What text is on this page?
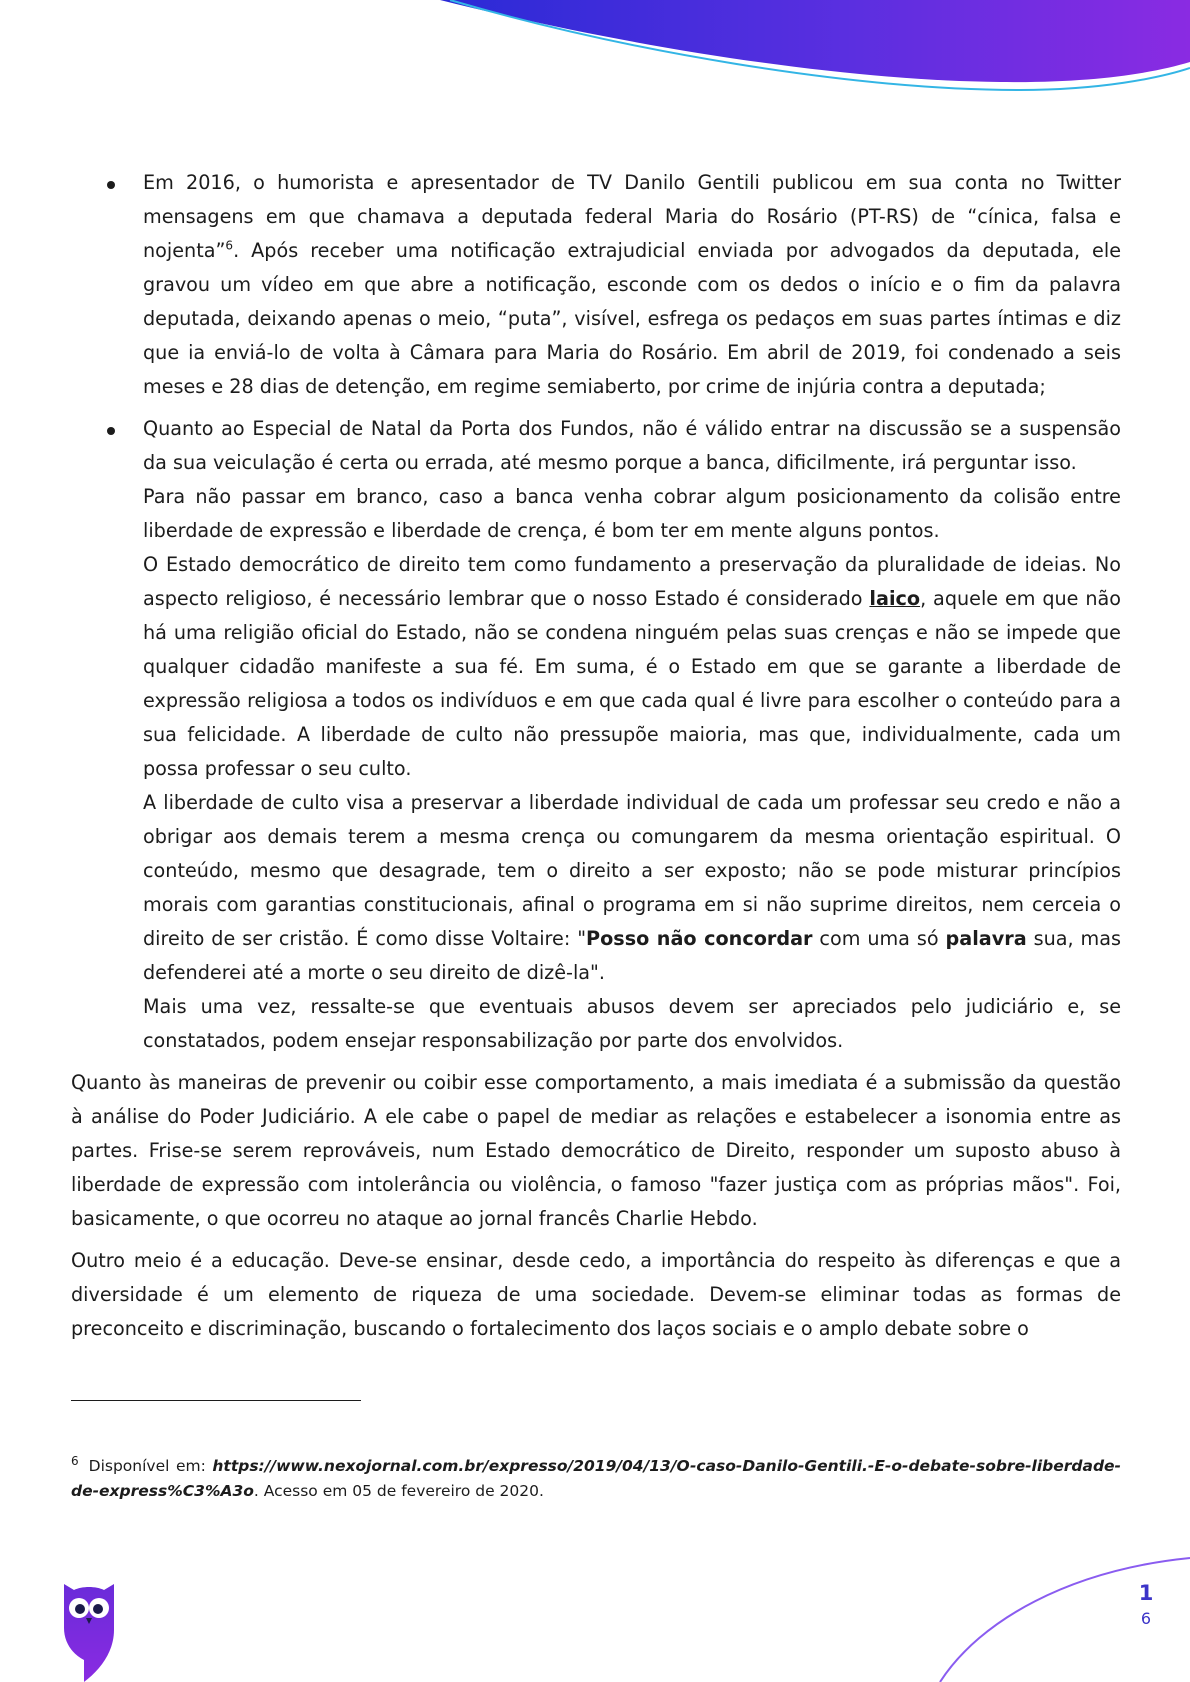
Em 2016, o humorista e apresentador de TV Danilo Gentili publicou em sua conta no Twitter mensagens em que chamava a deputada federal Maria do Rosário (PT-RS) de “cínica, falsa e nojenta”$^6$. Após receber uma notificação extrajudicial enviada por advogados da deputada, ele gravou um vídeo em que abre a notificação, esconde com os dedos o início e o fim da palavra deputada, deixando apenas o meio, “puta”, visível, esfrega os pedaços em suas partes íntimas e diz que ia enviá-lo de volta à Câmara para Maria do Rosário. Em abril de 2019, foi condenado a seis meses e 28 dias de detenção, em regime semiaberto, por crime de injúria contra a deputada;

Quanto ao Especial de Natal da Porta dos Fundos, não é válido entrar na discussão se a suspensão da sua veiculação é certa ou errada, até mesmo porque a banca, dificilmente, irá perguntar isso.

Para não passar em branco, caso a banca venha cobrar algum posicionamento da colisão entre liberdade de expressão e liberdade de crença, é bom ter em mente alguns pontos.

O Estado democrático de direito tem como fundamento a preservação da pluralidade de ideias. No aspecto religioso, é necessário lembrar que o nosso Estado é considerado laico, aquele em que não há uma religião oficial do Estado, não se condena ninguém pelas suas crenças e não se impede que qualquer cidadão manifeste a sua fé. Em suma, é o Estado em que se garante a liberdade de expressão religiosa a todos os indivíduos e em que cada qual é livre para escolher o conteúdo para a sua felicidade. A liberdade de culto não pressupõe maioria, mas que, individualmente, cada um possa professar o seu culto.

A liberdade de culto visa a preservar a liberdade individual de cada um professar seu credo e não a obrigar aos demais terem a mesma crença ou comungarem da mesma orientação espiritual. O conteúdo, mesmo que desagrade, tem o direito a ser exposto; não se pode misturar princípios morais com garantias constitucionais, afinal o programa em si não suprime direitos, nem cerceia o direito de ser cristão. É como disse Voltaire: "Posso não concordar com uma só palavra sua, mas defenderei até a morte o seu direito de dizê-la".

Mais uma vez, ressalte-se que eventuais abusos devem ser apreciados pelo judiciário e, se constatados, podem ensejar responsabilização por parte dos envolvidos.

Quanto às maneiras de prevenir ou coibir esse comportamento, a mais imediata é a submissão da questão à análise do Poder Judiciário. A ele cabe o papel de mediar as relações e estabelecer a isonomia entre as partes. Frise-se serem reprováveis, num Estado democrático de Direito, responder um suposto abuso à liberdade de expressão com intolerância ou violência, o famoso "fazer justiça com as próprias mãos". Foi, basicamente, o que ocorreu no ataque ao jornal francês Charlie Hebdo.

Outro meio é a educação. Deve-se ensinar, desde cedo, a importância do respeito às diferenças e que a diversidade é um elemento de riqueza de uma sociedade. Devem-se eliminar todas as formas de preconceito e discriminação, buscando o fortalecimento dos laços sociais e o amplo debate sobre o

$^6$ Disponível em: https://www.nexojornal.com.br/expresso/2019/04/13/O-caso-Danilo-Gentili.-E-o-debate-sobre-liberdade-de-express%C3%A3o. Acesso em 05 de fevereiro de 2020.
1
6
